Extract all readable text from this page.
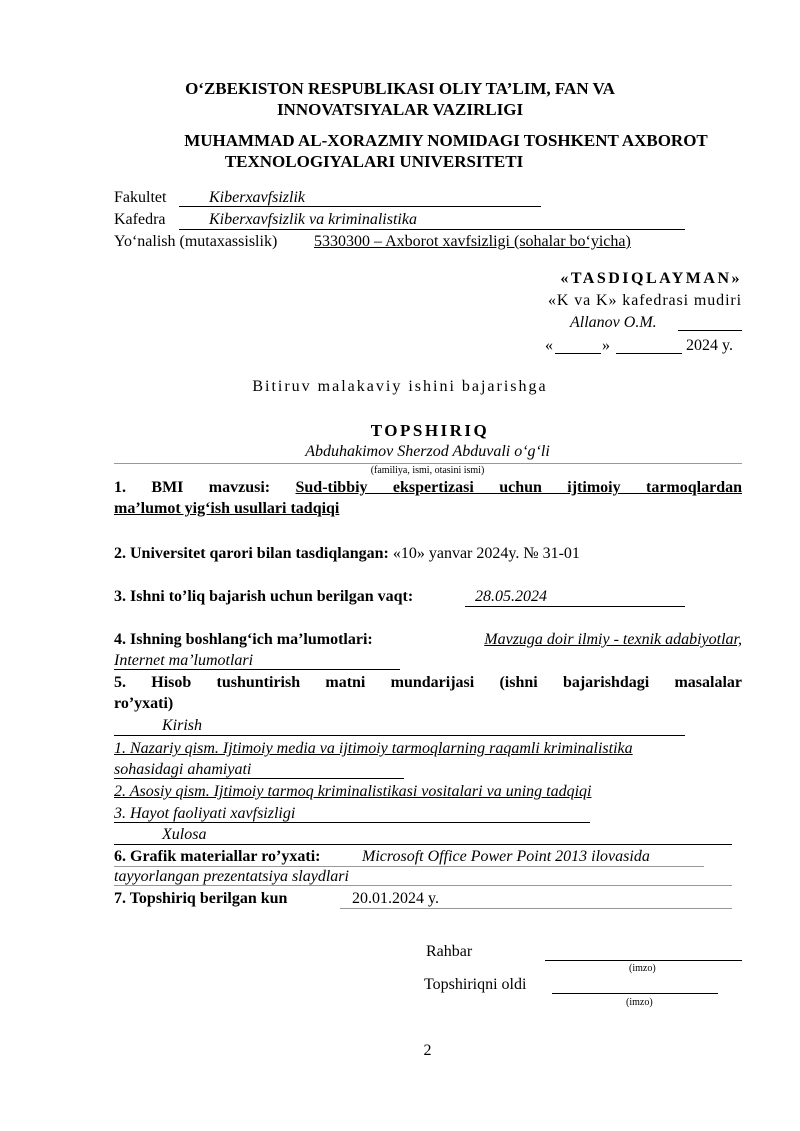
O‘ZBEKISTON RESPUBLIKASI OLIY TA’LIM, FAN VA
INNOVATSIYALAR VAZIRLIGI
MUHAMMAD AL-XORAZMIY NOMIDAGI TOSHKENT AXBOROT
TEXNOLOGIYALARI UNIVERSITETI
Fakultet	Kiberxavfsizlik
Kafedra	Kiberxavfsizlik va kriminalistika
Yo‘nalish (mutaxassislik) 5330300 – Axborot xavfsizligi (sohalar bo‘yicha)
«TASDIQLAYMAN»
«K va K» kafedrasi mudiri
Allanov O.M.
«	»	2024 y.
Bitiruv malakaviy ishini bajarishga
TOPSHIRIQ
Abduhakimov Sherzod Abduvali o‘g‘li
(familiya, ismi, otasini ismi)
1. BMI mavzusi: Sud-tibbiy ekspertizasi uchun ijtimoiy tarmoqlardan
ma’lumot yig‘ish usullari tadqiqi
2. Universitet qarori bilan tasdiqlangan: «10» yanvar 2024y. № 31-01
3. Ishni to’liq bajarish uchun berilgan vaqt:	28.05.2024
4. Ishning boshlang‘ich ma’lumotlari:	Mavzuga doir ilmiy - texnik adabiyotlar,
Internet ma’lumotlari
5. Hisob tushuntirish matni mundarijasi (ishni bajarishdagi masalalar
ro’yxati)
Kirish
1. Nazariy qism. Ijtimoiy media va ijtimoiy tarmoqlarning raqamli kriminalistika
sohasidagi ahamiyati
2. Asosiy qism. Ijtimoiy tarmoq kriminalistikasi vositalari va uning tadqiqi
3. Hayot faoliyati xavfsizligi
Xulosa
6. Grafik materiallar ro’yxati:	Microsoft Office Power Point 2013 ilovasida
tayyorlangan prezentatsiya slaydlari
7. Topshiriq berilgan kun	20.01.2024 y.
Rahbar
(imzo)
Topshiriqni oldi
(imzo)
2
